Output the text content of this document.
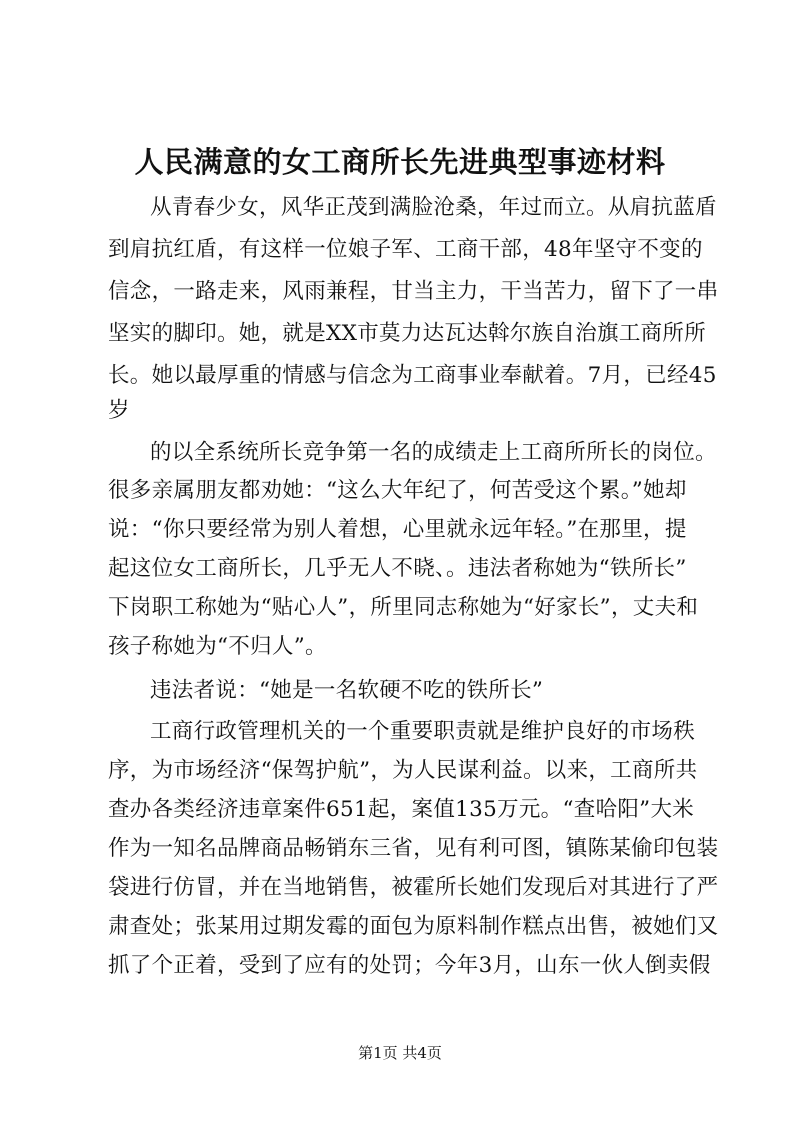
人民满意的女工商所长先进典型事迹材料
从青春少女，风华正茂到满脸沧桑，年过而立。从肩抗蓝盾
到肩抗红盾，有这样一位娘子军、工商干部，48年坚守不变的
信念，一路走来，风雨兼程，甘当主力，干当苦力，留下了一串
坚实的脚印。她，就是XX市莫力达瓦达斡尔族自治旗工商所所
长。她以最厚重的情感与信念为工商事业奉献着。7月，已经45
岁
的以全系统所长竞争第一名的成绩走上工商所所长的岗位。
很多亲属朋友都劝她：“这么大年纪了，何苦受这个累。”她却
说：“你只要经常为别人着想，心里就永远年轻。”在那里，提
起这位女工商所长，几乎无人不晓、。违法者称她为“铁所长”
下岗职工称她为“贴心人”，所里同志称她为“好家长”，丈夫和
孩子称她为“不归人”。
违法者说：“她是一名软硬不吃的铁所长”
工商行政管理机关的一个重要职责就是维护良好的市场秩
序，为市场经济“保驾护航”，为人民谋利益。以来，工商所共
查办各类经济违章案件651起，案值135万元。“查哈阳”大米
作为一知名品牌商品畅销东三省，见有利可图，镇陈某偷印包装
袋进行仿冒，并在当地销售，被霍所长她们发现后对其进行了严
肃查处；张某用过期发霉的面包为原料制作糕点出售，被她们又
抓了个正着，受到了应有的处罚；今年3月，山东一伙人倒卖假
第1页 共4页
